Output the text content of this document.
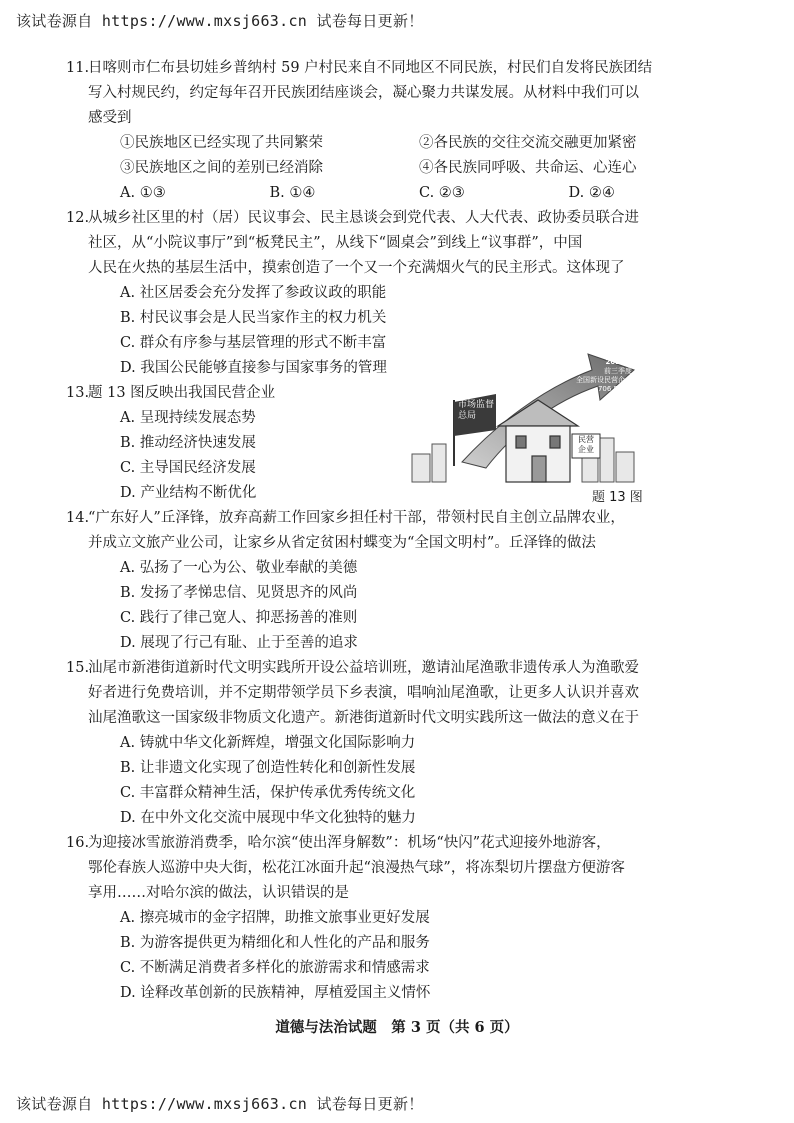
该试卷源自 https://www.mxsj663.cn 试卷每日更新！
11.
日喀则市仁布县切娃乡普纳村 59 户村民来自不同地区不同民族，村民们自发将民族团结
写入村规民约，约定每年召开民族团结座谈会，凝心聚力共谋发展。从材料中我们可以
感受到
①民族地区已经实现了共同繁荣	②各民族的交往交流交融更加紧密
③民族地区之间的差别已经消除	④各民族同呼吸、共命运、心连心
A. ①③	B. ①④	C. ②③	D. ②④
12.
从城乡社区里的村（居）民议事会、民主恳谈会到党代表、人大代表、政协委员联合进
社区，从“小院议事厅”到“板凳民主”，从线下“圆桌会”到线上“议事群”，中国
人民在火热的基层生活中，摸索创造了一个又一个充满烟火气的民主形式。这体现了
A. 社区居委会充分发挥了参政议政的职能
B. 村民议事会是人民当家作主的权力机关
C. 群众有序参与基层管理的形式不断丰富
D. 我国公民能够直接参与国家事务的管理
13.
题 13 图反映出我国民营企业
A. 呈现持续发展态势
B. 推动经济快速发展
C. 主导国民经济发展
D. 产业结构不断优化
14.
“广东好人”丘泽锋，放弃高薪工作回家乡担任村干部，带领村民自主创立品牌农业，
并成立文旅产业公司，让家乡从省定贫困村蝶变为“全国文明村”。丘泽锋的做法
A. 弘扬了一心为公、敬业奉献的美德
B. 发扬了孝悌忠信、见贤思齐的风尚
C. 践行了律己宽人、抑恶扬善的准则
D. 展现了行己有耻、止于至善的追求
15.
汕尾市新港街道新时代文明实践所开设公益培训班，邀请汕尾渔歌非遗传承人为渔歌爱
好者进行免费培训，并不定期带领学员下乡表演，唱响汕尾渔歌，让更多人认识并喜欢
汕尾渔歌这一国家级非物质文化遗产。新港街道新时代文明实践所这一做法的意义在于
A. 铸就中华文化新辉煌，增强文化国际影响力
B. 让非遗文化实现了创造性转化和创新性发展
C. 丰富群众精神生活，保护传承优秀传统文化
D. 在中外文化交流中展现中华文化独特的魅力
16.
为迎接冰雪旅游消费季，哈尔滨“使出浑身解数”：机场“快闪”花式迎接外地游客，
鄂伦春族人巡游中央大街，松花江冰面升起“浪漫热气球”，将冻梨切片摆盘方便游客
享用……对哈尔滨的做法，认识错误的是
A. 擦亮城市的金字招牌，助推文旅事业更好发展
B. 为游客提供更为精细化和人性化的产品和服务
C. 不断满足消费者多样化的旅游需求和情感需求
D. 诠释改革创新的民族精神，厚植爱国主义情怀
市场监督总局
2023年
前三季度
全国新设民营企业
706.5万户
民营
企业
题 13 图
道德与法治试题　第 3 页（共 6 页）
该试卷源自 https://www.mxsj663.cn 试卷每日更新！
